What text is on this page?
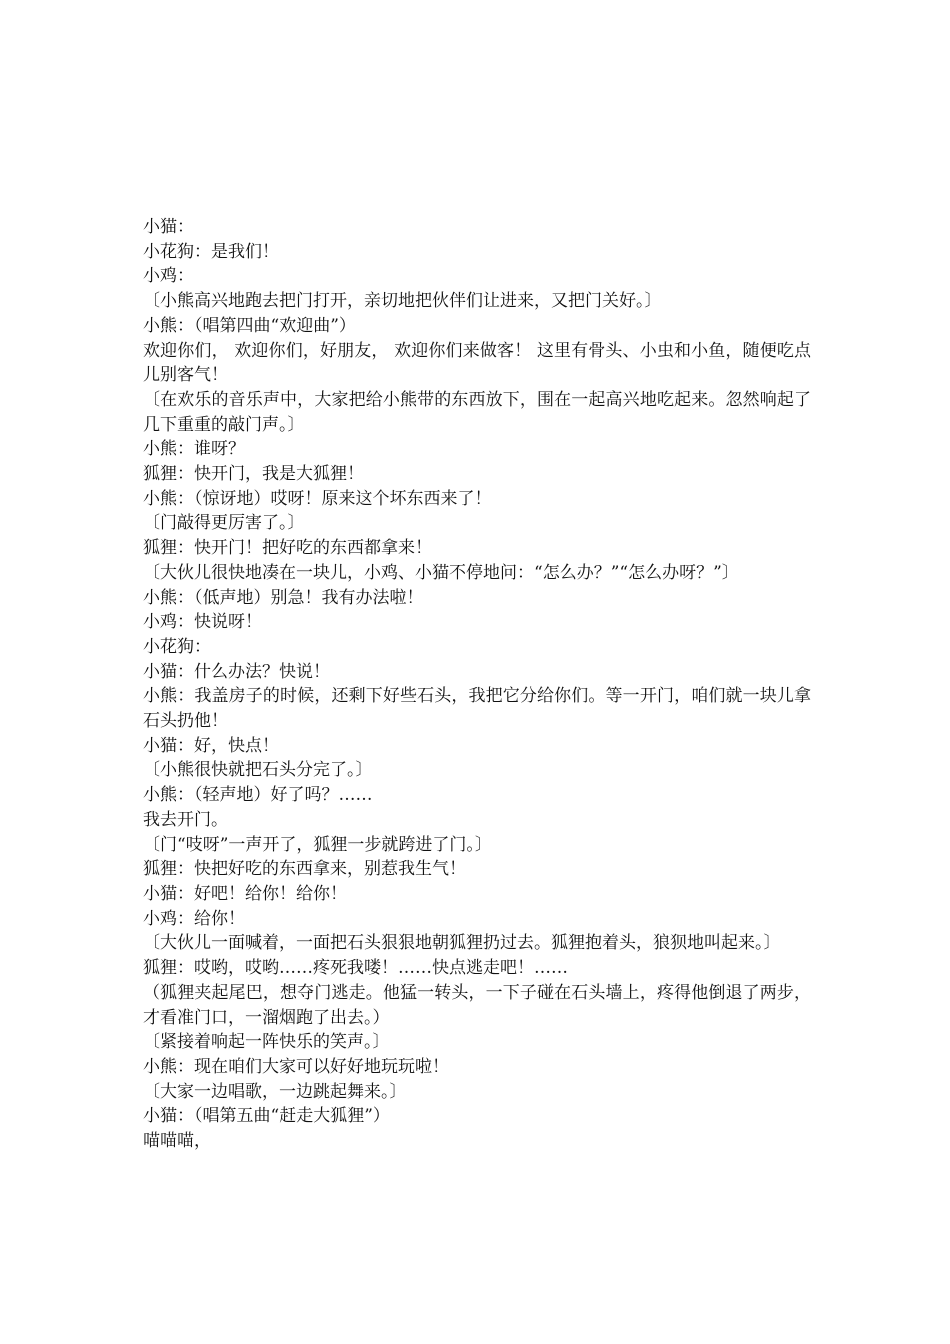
小猫：
小花狗：是我们！
小鸡：
〔小熊高兴地跑去把门打开，亲切地把伙伴们让进来，又把门关好。〕
小熊：（唱第四曲“欢迎曲”）
欢迎你们， 欢迎你们，好朋友， 欢迎你们来做客！ 这里有骨头、小虫和小鱼，随便吃点儿别客气！
〔在欢乐的音乐声中，大家把给小熊带的东西放下，围在一起高兴地吃起来。忽然响起了几下重重的敲门声。〕
小熊：谁呀？
狐狸：快开门，我是大狐狸！
小熊：（惊讶地）哎呀！原来这个坏东西来了！
〔门敲得更厉害了。〕
狐狸：快开门！把好吃的东西都拿来！
〔大伙儿很快地凑在一块儿，小鸡、小猫不停地问：“怎么办？”“怎么办呀？”〕
小熊：（低声地）别急！我有办法啦！
小鸡：快说呀！
小花狗：
小猫：什么办法？快说！
小熊：我盖房子的时候，还剩下好些石头，我把它分给你们。等一开门，咱们就一块儿拿石头扔他！
小猫：好，快点！
〔小熊很快就把石头分完了。〕
小熊：（轻声地）好了吗？……
我去开门。
〔门“吱呀”一声开了，狐狸一步就跨进了门。〕
狐狸：快把好吃的东西拿来，别惹我生气！
小猫：好吧！给你！给你！
小鸡：给你！
〔大伙儿一面喊着，一面把石头狠狠地朝狐狸扔过去。狐狸抱着头，狼狈地叫起来。〕
狐狸：哎哟，哎哟……疼死我喽！……快点逃走吧！……
（狐狸夹起尾巴，想夺门逃走。他猛一转头，一下子碰在石头墙上，疼得他倒退了两步，才看准门口，一溜烟跑了出去。）
〔紧接着响起一阵快乐的笑声。〕
小熊：现在咱们大家可以好好地玩玩啦！
〔大家一边唱歌，一边跳起舞来。〕
小猫：（唱第五曲“赶走大狐狸”）
喵喵喵，
